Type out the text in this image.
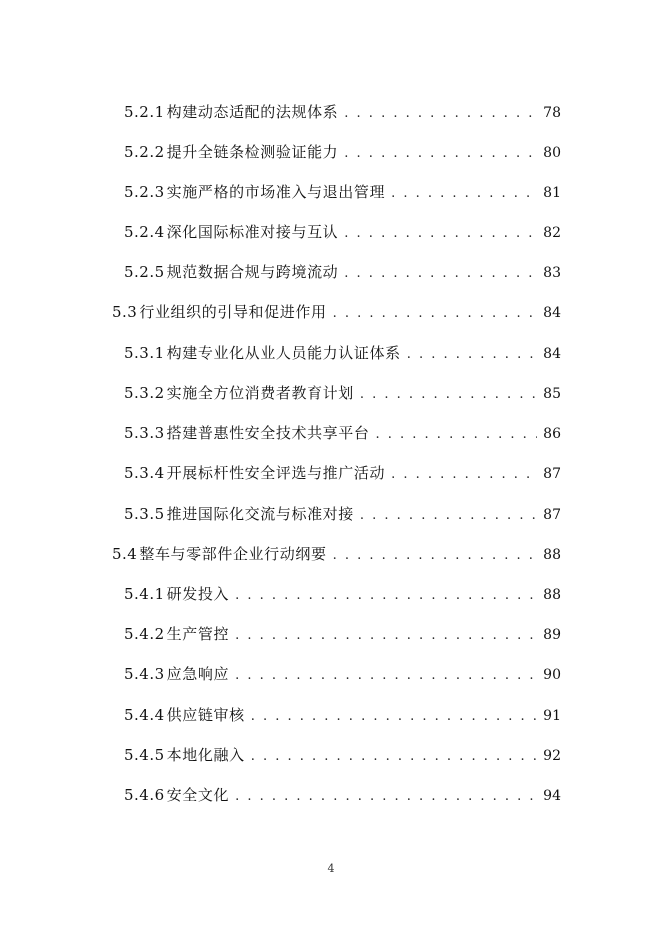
5.2.1 构建动态适配的法规体系 . . .	78
5.2.2 提升全链条检测验证能力 . . .	80
5.2.3 实施严格的市场准入与退出管理 . . .	81
5.2.4 深化国际标准对接与互认 . . .	82
5.2.5 规范数据合规与跨境流动 . . .	83
5.3 行业组织的引导和促进作用 . . .	84
5.3.1 构建专业化从业人员能力认证体系 . . .	84
5.3.2 实施全方位消费者教育计划 . . .	85
5.3.3 搭建普惠性安全技术共享平台 . . .	86
5.3.4 开展标杆性安全评选与推广活动 . . .	87
5.3.5 推进国际化交流与标准对接 . . .	87
5.4 整车与零部件企业行动纲要 . . .	88
5.4.1 研发投入 . . .	88
5.4.2 生产管控 . . .	89
5.4.3 应急响应 . . .	90
5.4.4 供应链审核 . . .	91
5.4.5 本地化融入 . . .	92
5.4.6 安全文化 . . .	94
4
